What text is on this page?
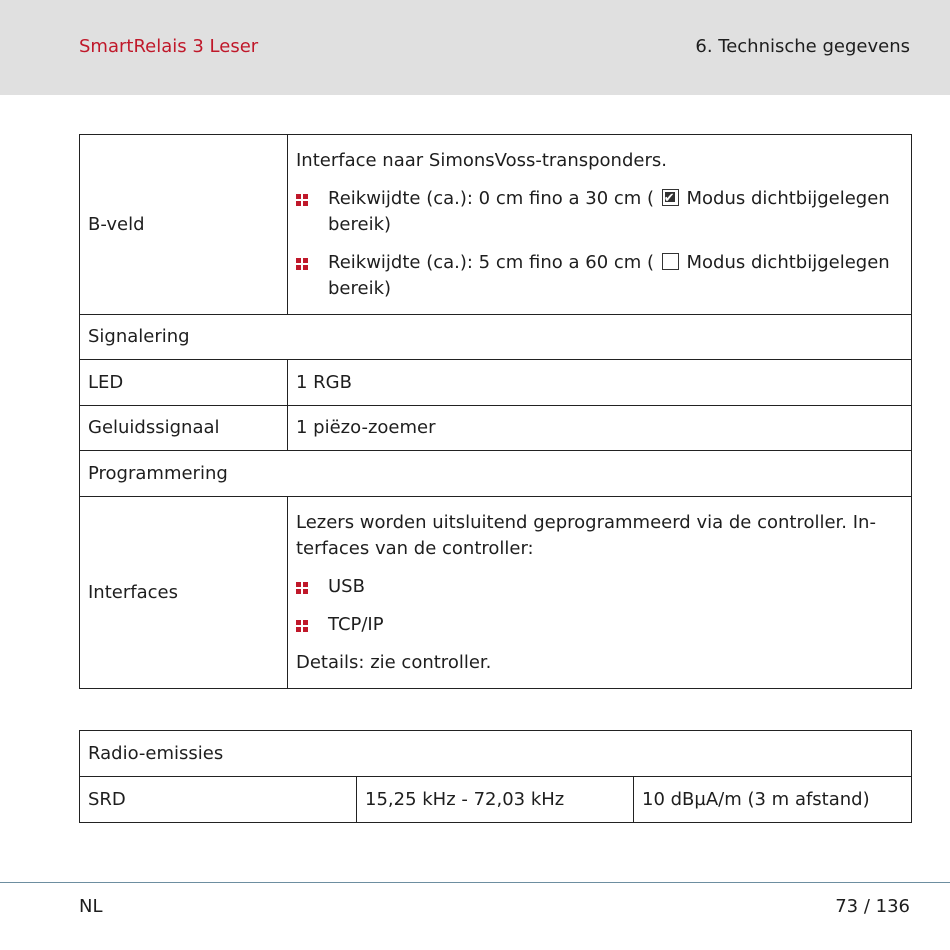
SmartRelais 3 Leser	6. Technische gegevens
B-veld	Interface naar SimonsVoss-transponders.

Reikwijdte (ca.): 0 cm fino a 30 cm ( ✔ Modus dichtbijgelegen bereik)
Reikwijdte (ca.): 5 cm fino a 60 cm ( Modus dichtbijgelegen bereik)

Signalering	
LED	1 RGB
Geluidssignaal	1 piëzo-zoemer
Programmering	
Interfaces	Lezers worden uitsluitend geprogrammeerd via de controller. In-terfaces van de controller:

USB
TCP/IP

Details: zie controller.

Radio-emissies
SRD	15,25 kHz - 72,03 kHz	10 dBµA/m (3 m afstand)
NL	73 / 136
